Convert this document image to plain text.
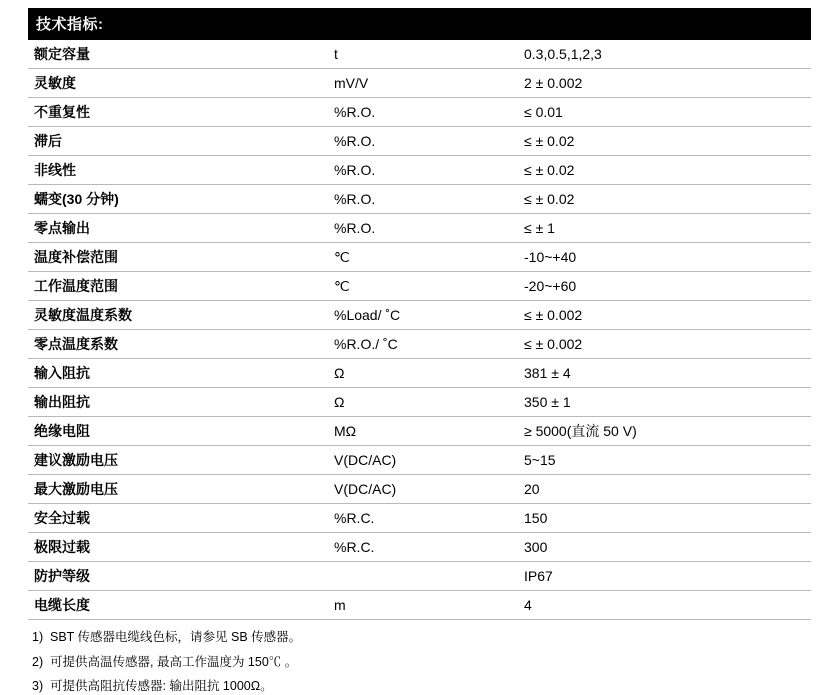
技术指标:
额定容量	t	0.3,0.5,1,2,3
灵敏度	mV/V	2 ± 0.002
不重复性	%R.O.	≤ 0.01
滞后	%R.O.	≤ ± 0.02
非线性	%R.O.	≤ ± 0.02
蠕变(30 分钟)	%R.O.	≤ ± 0.02
零点输出	%R.O.	≤ ± 1
温度补偿范围	℃	-10~+40
工作温度范围	℃	-20~+60
灵敏度温度系数	%Load/ ˚C	≤ ± 0.002
零点温度系数	%R.O./ ˚C	≤ ± 0.002
输入阻抗	Ω	381 ± 4
输出阻抗	Ω	350 ± 1
绝缘电阻	MΩ	≥ 5000(直流 50 V)
建议激励电压	V(DC/AC)	5~15
最大激励电压	V(DC/AC)	20
安全过载	%R.C.	150
极限过载	%R.C.	300
防护等级		IP67
电缆长度	m	4
1) SBT 传感器电缆线色标，请参见 SB 传感器。
2) 可提供高温传感器, 最高工作温度为 150℃ 。
3) 可提供高阻抗传感器: 输出阻抗 1000Ω。
